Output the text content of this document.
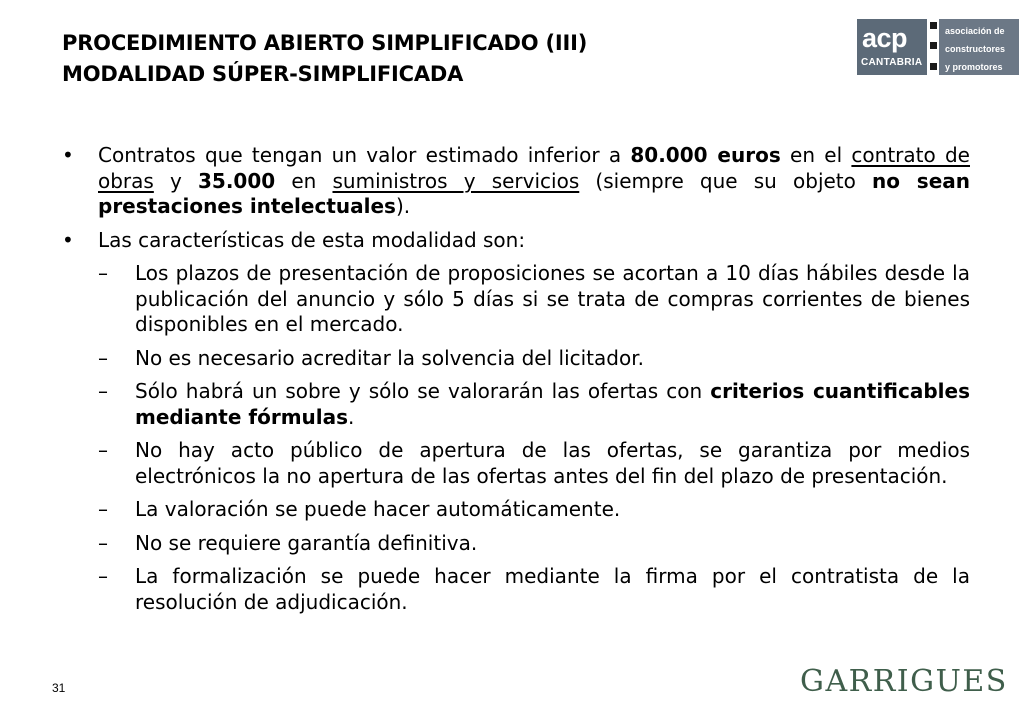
PROCEDIMIENTO ABIERTO SIMPLIFICADO (III)
MODALIDAD SÚPER-SIMPLIFICADA
acp
CANTABRIA
asociación de
constructores
y promotores
• Contratos que tengan un valor estimado inferior a 80.000 euros en el contrato de obras y 35.000 en suministros y servicios (siempre que su objeto no sean prestaciones intelectuales).
• Las características de esta modalidad son:
– Los plazos de presentación de proposiciones se acortan a 10 días hábiles desde la publicación del anuncio y sólo 5 días si se trata de compras corrientes de bienes disponibles en el mercado.
– No es necesario acreditar la solvencia del licitador.
– Sólo habrá un sobre y sólo se valorarán las ofertas con criterios cuantificables mediante fórmulas.
– No hay acto público de apertura de las ofertas, se garantiza por medios electrónicos la no apertura de las ofertas antes del fin del plazo de presentación.
– La valoración se puede hacer automáticamente.
– No se requiere garantía definitiva.
– La formalización se puede hacer mediante la firma por el contratista de la resolución de adjudicación.
31	GARRIGUES
